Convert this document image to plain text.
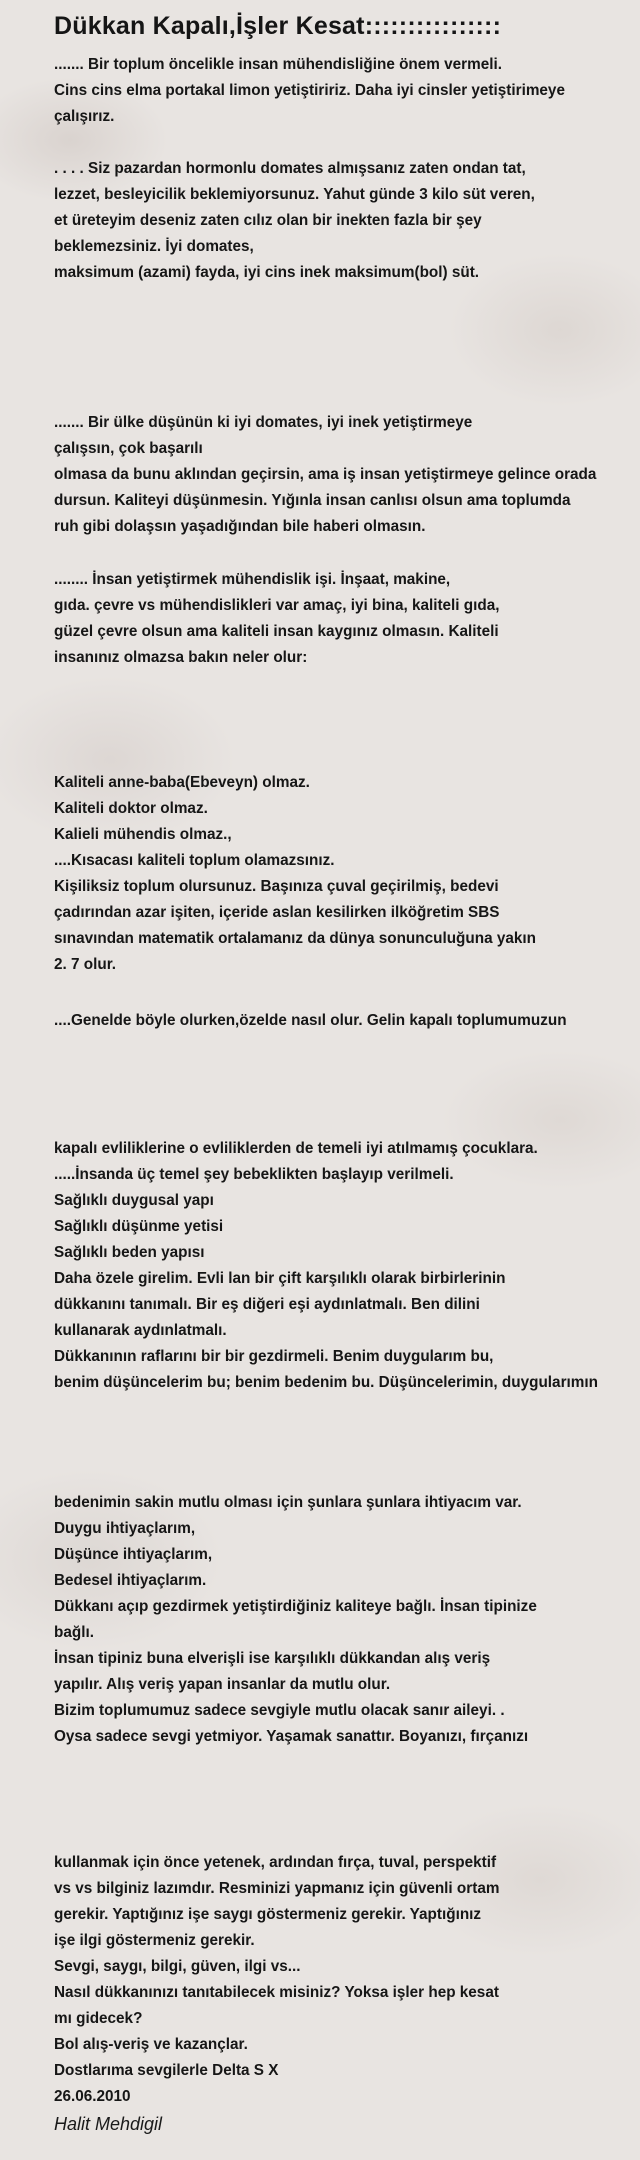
Dükkan Kapalı,İşler Kesat::::::::::::::::
....... Bir toplum öncelikle insan mühendisliğine önem vermeli.
Cins cins elma portakal limon yetiştiririz. Daha iyi cinsler yetiştirimeye
çalışırız.
. . . . Siz pazardan hormonlu domates almışsanız zaten ondan tat,
lezzet, besleyicilik beklemiyorsunuz. Yahut günde 3 kilo süt veren,
et üreteyim deseniz zaten cılız olan bir inekten fazla bir şey
beklemezsiniz. İyi domates,
maksimum (azami) fayda, iyi cins inek maksimum(bol) süt.
....... Bir ülke düşünün ki iyi domates, iyi inek yetiştirmeye
çalışsın, çok başarılı
olmasa da bunu aklından geçirsin, ama iş insan yetiştirmeye gelince orada
dursun. Kaliteyi düşünmesin. Yığınla insan canlısı olsun ama toplumda
ruh gibi dolaşsın yaşadığından bile haberi olmasın.
........ İnsan yetiştirmek mühendislik işi. İnşaat, makine,
gıda. çevre vs mühendislikleri var amaç, iyi bina, kaliteli gıda,
güzel çevre olsun ama kaliteli insan kaygınız olmasın. Kaliteli
insanınız olmazsa bakın neler olur:
Kaliteli anne-baba(Ebeveyn) olmaz.
Kaliteli doktor olmaz.
Kalieli mühendis olmaz.,
....Kısacası kaliteli toplum olamazsınız.
Kişiliksiz toplum olursunuz. Başınıza çuval geçirilmiş, bedevi
çadırından azar işiten, içeride aslan kesilirken ilköğretim SBS
sınavından matematik ortalamanız da dünya sonunculuğuna yakın
2. 7 olur.
....Genelde böyle olurken,özelde nasıl olur. Gelin kapalı toplumumuzun
kapalı evliliklerine o evliliklerden de temeli iyi atılmamış çocuklara.
.....İnsanda üç temel şey bebeklikten başlayıp verilmeli.
Sağlıklı duygusal yapı
Sağlıklı düşünme yetisi
Sağlıklı beden yapısı
Daha özele girelim. Evli lan bir çift karşılıklı olarak birbirlerinin
dükkanını tanımalı. Bir eş diğeri eşi aydınlatmalı. Ben dilini
kullanarak aydınlatmalı.
Dükkanının raflarını bir bir gezdirmeli. Benim duygularım bu,
benim düşüncelerim bu; benim bedenim bu. Düşüncelerimin, duygularımın
bedenimin sakin mutlu olması için şunlara şunlara ihtiyacım var.
Duygu ihtiyaçlarım,
Düşünce ihtiyaçlarım,
Bedesel ihtiyaçlarım.
Dükkanı açıp gezdirmek yetiştirdiğiniz kaliteye bağlı. İnsan tipinize
bağlı.
İnsan tipiniz buna elverişli ise karşılıklı dükkandan alış veriş
yapılır. Alış veriş yapan insanlar da mutlu olur.
Bizim toplumumuz sadece sevgiyle mutlu olacak sanır aileyi. .
Oysa sadece sevgi yetmiyor. Yaşamak sanattır. Boyanızı, fırçanızı
kullanmak için önce yetenek, ardından fırça, tuval, perspektif
vs vs bilginiz lazımdır. Resminizi yapmanız için güvenli ortam
gerekir. Yaptığınız işe saygı göstermeniz gerekir. Yaptığınız
işe ilgi göstermeniz gerekir.
Sevgi, saygı, bilgi, güven, ilgi vs...
Nasıl dükkanınızı tanıtabilecek misiniz? Yoksa işler hep kesat
mı gidecek?
Bol alış-veriş ve kazançlar.
Dostlarıma sevgilerle Delta S X
26.06.2010
Halit Mehdigil
